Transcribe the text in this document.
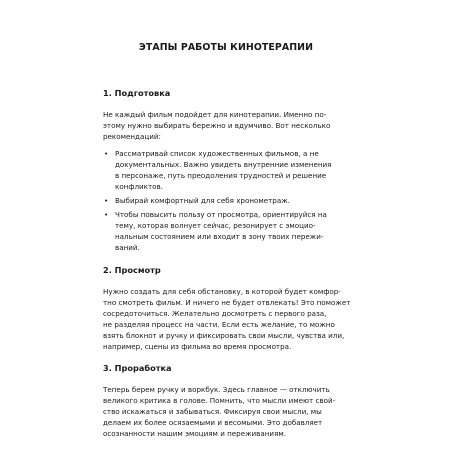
ЭТАПЫ РАБОТЫ КИНОТЕРАПИИ
1. Подготовка

Не каждый фильм подойдет для кинотерапии. Именно по-
этому нужно выбирать бережно и вдумчиво. Вот несколько
рекомендаций:

• Рассматривай список художественных фильмов, а не
документальных. Важно увидеть внутренние изменения
в персонаже, путь преодоления трудностей и решение
конфликтов.
• Выбирай комфортный для себя хронометраж.
• Чтобы повысить пользу от просмотра, ориентируйся на
тему, которая волнует сейчас, резонирует с эмоцио-
нальным состоянием или входит в зону твоих пережи-
ваний.
2. Просмотр

Нужно создать для себя обстановку, в которой будет комфор-
тно смотреть фильм. И ничего не будет отвлекать! Это поможет
сосредоточиться. Желательно досмотреть с первого раза,
не разделяя процесс на части. Если есть желание, то можно
взять блокнот и ручку и фиксировать свои мысли, чувства или,
например, сцены из фильма во время просмотра.

3. Проработка

Теперь берем ручку и воркбук. Здесь главное — отключить
великого критика в голове. Помнить, что мысли имеют свой-
ство искажаться и забываться. Фиксируя свои мысли, мы
делаем их более осязаемыми и весомыми. Это добавляет
осознанности нашим эмоциям и переживаниям.
